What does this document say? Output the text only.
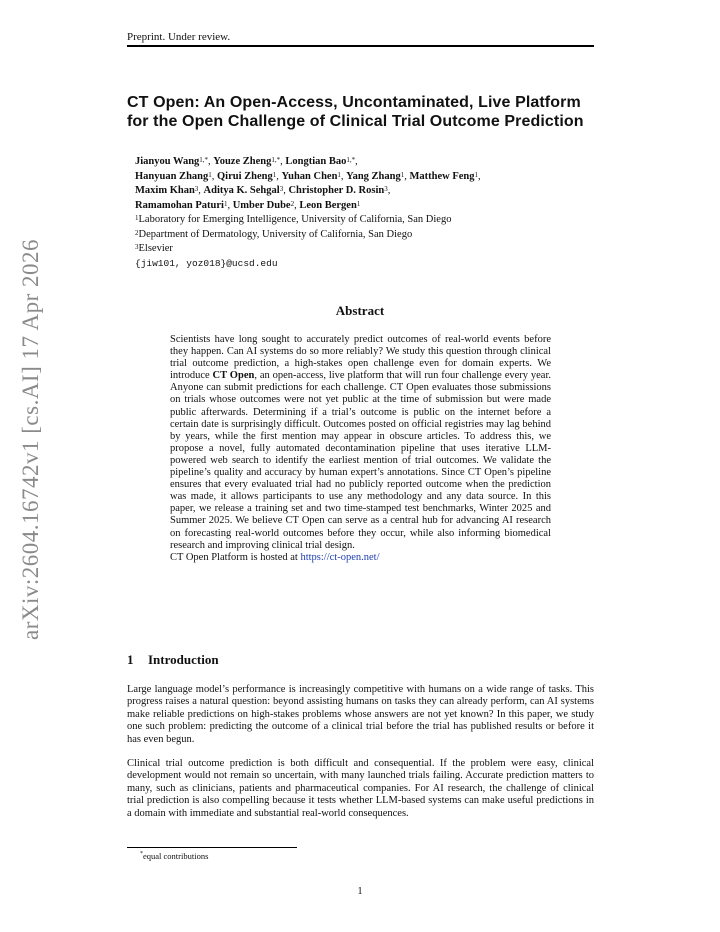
Preprint. Under review.
CT Open: An Open-Access, Uncontaminated, Live Platform
for the Open Challenge of Clinical Trial Outcome Prediction
Jianyou Wang$^{1,*}$, Youze Zheng$^{1,*}$, Longtian Bao$^{1,*}$,
Hanyuan Zhang$^1$, Qirui Zheng$^1$, Yuhan Chen$^1$, Yang Zhang$^1$, Matthew Feng$^1$,
Maxim Khan$^3$, Aditya K. Sehgal$^3$, Christopher D. Rosin$^3$,
Ramamohan Paturi$^1$, Umber Dube$^2$, Leon Bergen$^1$
$^1$Laboratory for Emerging Intelligence, University of California, San Diego
$^2$Department of Dermatology, University of California, San Diego
$^3$Elsevier
{jiw101, yoz018}@ucsd.edu
arXiv:2604.16742v1 [cs.AI] 17 Apr 2026	Abstract
Scientists have long sought to accurately predict outcomes of real-world events before they happen. Can AI systems do so more reliably? We study this question through clinical trial outcome prediction, a high-stakes open challenge even for domain experts. We introduce CT Open, an open-access, live platform that will run four challenge every year. Anyone can submit predictions for each challenge. CT Open evaluates those submissions on trials whose outcomes were not yet public at the time of submission but were made public afterwards. Determining if a trial’s outcome is public on the internet before a certain date is surprisingly difficult. Outcomes posted on official registries may lag behind by years, while the first mention may appear in obscure articles. To address this, we propose a novel, fully automated decontamination pipeline that uses iterative LLM-powered web search to identify the earliest mention of trial outcomes. We validate the pipeline’s quality and accuracy by human expert’s annotations. Since CT Open’s pipeline ensures that every evaluated trial had no publicly reported outcome when the prediction was made, it allows participants to use any methodology and any data source. In this paper, we release a training set and two time-stamped test benchmarks, Winter 2025 and Summer 2025. We believe CT Open can serve as a central hub for advancing AI research on forecasting real-world outcomes before they occur, while also informing biomedical research and improving clinical trial design.
CT Open Platform is hosted at https://ct-open.net/
1 Introduction
Large language model’s performance is increasingly competitive with humans on a wide range of tasks. This progress raises a natural question: beyond assisting humans on tasks they can already perform, can AI systems make reliable predictions on high-stakes problems whose answers are not yet known? In this paper, we study one such problem: predicting the outcome of a clinical trial before the trial has published results or before it has even begun.
Clinical trial outcome prediction is both difficult and consequential. If the problem were easy, clinical development would not remain so uncertain, with many launched trials failing. Accurate prediction matters to many, such as clinicians, patients and pharmaceutical companies. For AI research, the challenge of clinical trial prediction is also compelling because it tests whether LLM-based systems can make useful predictions in a domain with immediate and substantial real-world consequences.
*equal contributions
1
